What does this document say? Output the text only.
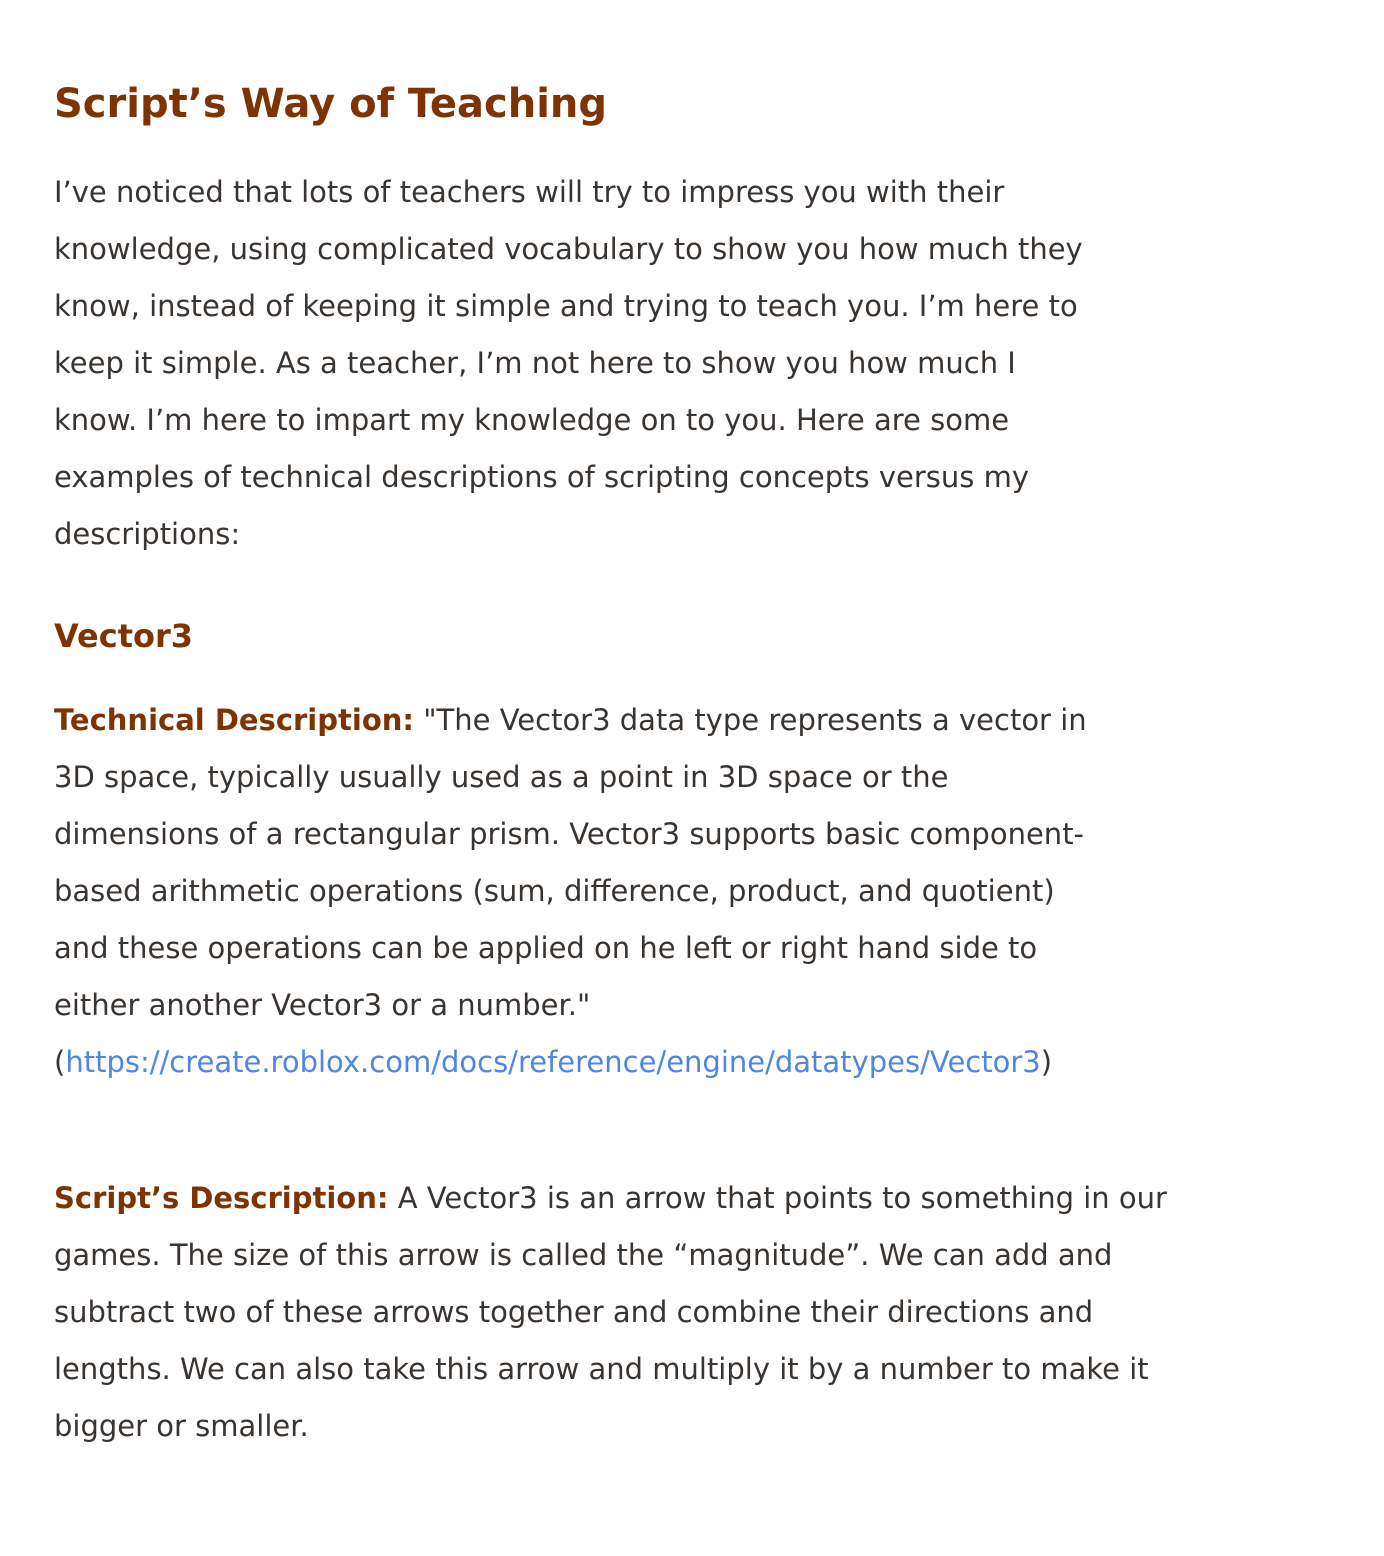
Script’s Way of Teaching

I’ve noticed that lots of teachers will try to impress you with their
knowledge, using complicated vocabulary to show you how much they
know, instead of keeping it simple and trying to teach you. I’m here to
keep it simple. As a teacher, I’m not here to show you how much I
know. I’m here to impart my knowledge on to you. Here are some
examples of technical descriptions of scripting concepts versus my
descriptions:

Vector3

Technical Description: "The Vector3 data type represents a vector in
3D space, typically usually used as a point in 3D space or the
dimensions of a rectangular prism. Vector3 supports basic component-
based arithmetic operations (sum, difference, product, and quotient)
and these operations can be applied on he left or right hand side to
either another Vector3 or a number."
(https://create.roblox.com/docs/reference/engine/datatypes/Vector3)

Script’s Description: A Vector3 is an arrow that points to something in our
games. The size of this arrow is called the “magnitude”. We can add and
subtract two of these arrows together and combine their directions and
lengths. We can also take this arrow and multiply it by a number to make it
bigger or smaller.
